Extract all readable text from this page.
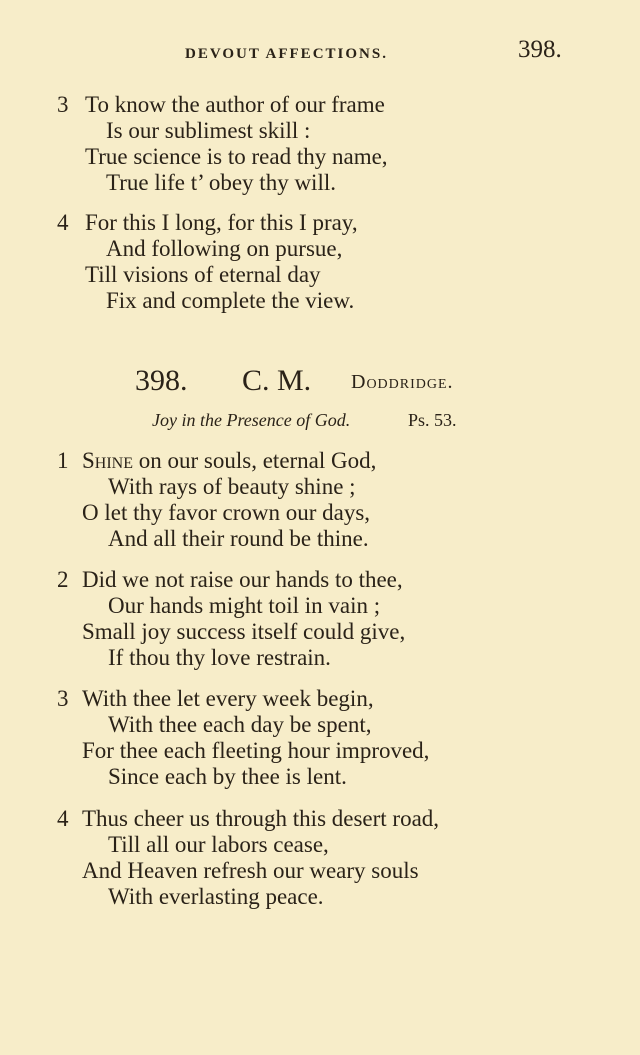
DEVOUT AFFECTIONS.	398.
3 To know the author of our frame
Is our sublimest skill :
True science is to read thy name,
True life t’ obey thy will.
4 For this I long, for this I pray,
And following on pursue,
Till visions of eternal day
Fix and complete the view.
398. C. M. Doddridge.
Joy in the Presence of God.	Ps. 53.
1 Shine on our souls, eternal God,
With rays of beauty shine ;
O let thy favor crown our days,
And all their round be thine.
2 Did we not raise our hands to thee,
Our hands might toil in vain ;
Small joy success itself could give,
If thou thy love restrain.
3 With thee let every week begin,
With thee each day be spent,
For thee each fleeting hour improved,
Since each by thee is lent.
4 Thus cheer us through this desert road,
Till all our labors cease,
And Heaven refresh our weary souls
With everlasting peace.
